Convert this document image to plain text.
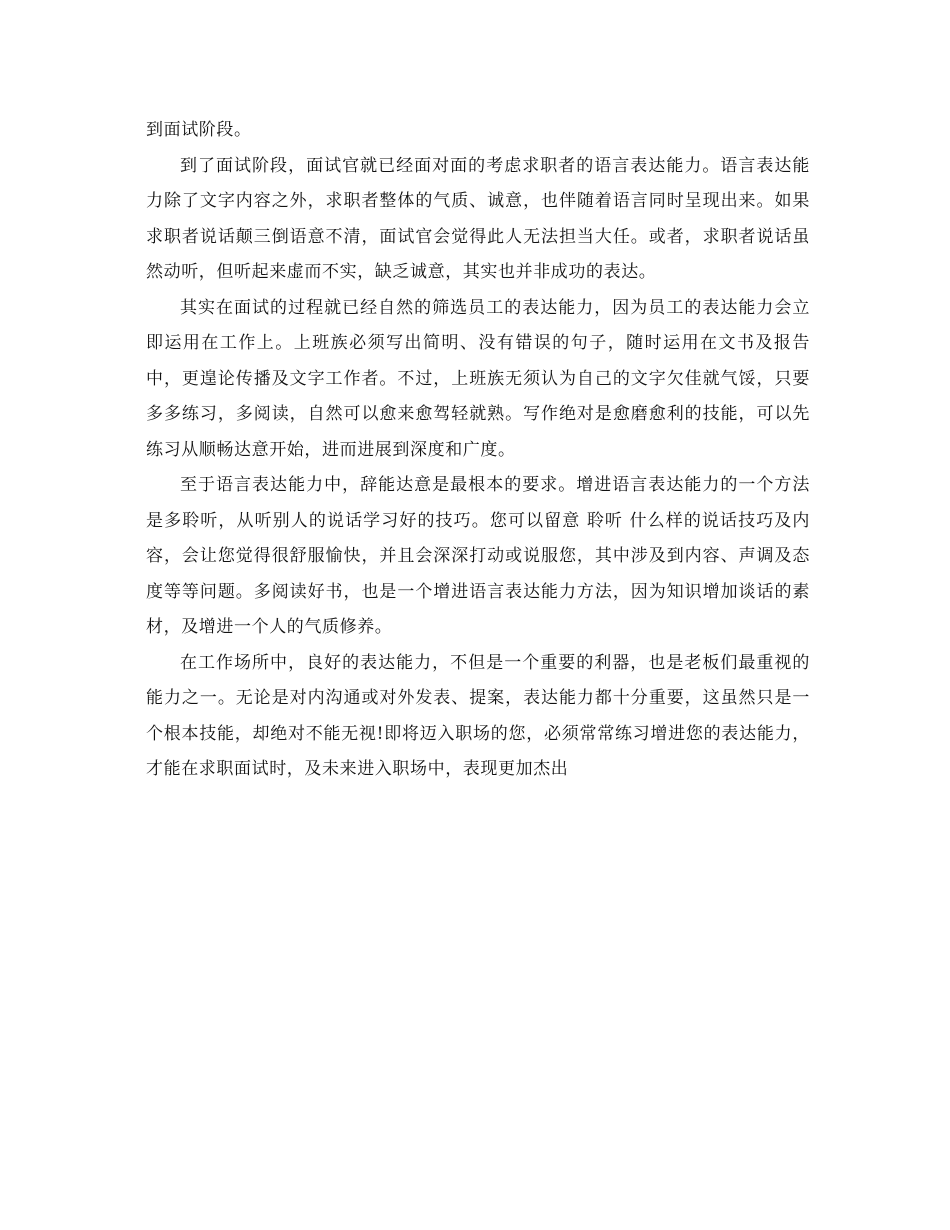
到面试阶段。

到了面试阶段，面试官就已经面对面的考虑求职者的语言表达能力。语言表达能力除了文字内容之外，求职者整体的气质、诚意，也伴随着语言同时呈现出来。如果求职者说话颠三倒语意不清，面试官会觉得此人无法担当大任。或者，求职者说话虽然动听，但听起来虚而不实，缺乏诚意，其实也并非成功的表达。

其实在面试的过程就已经自然的筛选员工的表达能力，因为员工的表达能力会立即运用在工作上。上班族必须写出简明、没有错误的句子，随时运用在文书及报告中，更遑论传播及文字工作者。不过，上班族无须认为自己的文字欠佳就气馁，只要多多练习，多阅读，自然可以愈来愈驾轻就熟。写作绝对是愈磨愈利的技能，可以先练习从顺畅达意开始，进而进展到深度和广度。

至于语言表达能力中，辞能达意是最根本的要求。增进语言表达能力的一个方法是多聆听，从听别人的说话学习好的技巧。您可以留意 聆听 什么样的说话技巧及内容，会让您觉得很舒服愉快，并且会深深打动或说服您，其中涉及到内容、声调及态度等等问题。多阅读好书，也是一个增进语言表达能力方法，因为知识增加谈话的素材，及增进一个人的气质修养。

在工作场所中，良好的表达能力，不但是一个重要的利器，也是老板们最重视的能力之一。无论是对内沟通或对外发表、提案，表达能力都十分重要，这虽然只是一个根本技能，却绝对不能无视!即将迈入职场的您，必须常常练习增进您的表达能力，才能在求职面试时，及未来进入职场中，表现更加杰出
